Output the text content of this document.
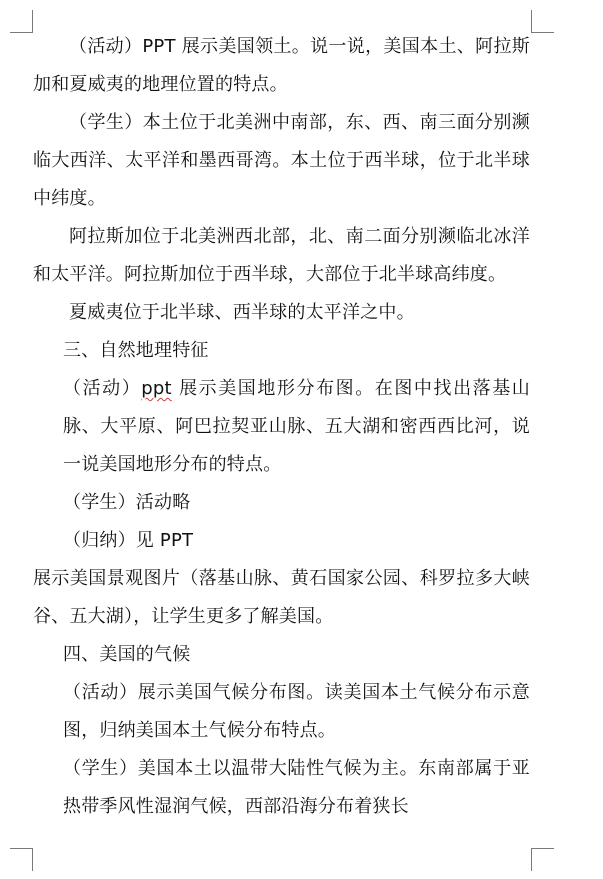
（活动）PPT 展示美国领土。说一说，美国本土、阿拉斯加和夏威夷的地理位置的特点。

（学生）本土位于北美洲中南部，东、西、南三面分别濒临大西洋、太平洋和墨西哥湾。本土位于西半球，位于北半球中纬度。

阿拉斯加位于北美洲西北部，北、南二面分别濒临北冰洋和太平洋。阿拉斯加位于西半球，大部位于北半球高纬度。

夏威夷位于北半球、西半球的太平洋之中。

三、自然地理特征

（活动）ppt 展示美国地形分布图。在图中找出落基山脉、大平原、阿巴拉契亚山脉、五大湖和密西西比河，说一说美国地形分布的特点。

（学生）活动略

（归纳）见 PPT

展示美国景观图片（落基山脉、黄石国家公园、科罗拉多大峡谷、五大湖），让学生更多了解美国。

四、美国的气候

（活动）展示美国气候分布图。读美国本土气候分布示意图，归纳美国本土气候分布特点。

（学生）美国本土以温带大陆性气候为主。东南部属于亚热带季风性湿润气候，西部沿海分布着狭长
